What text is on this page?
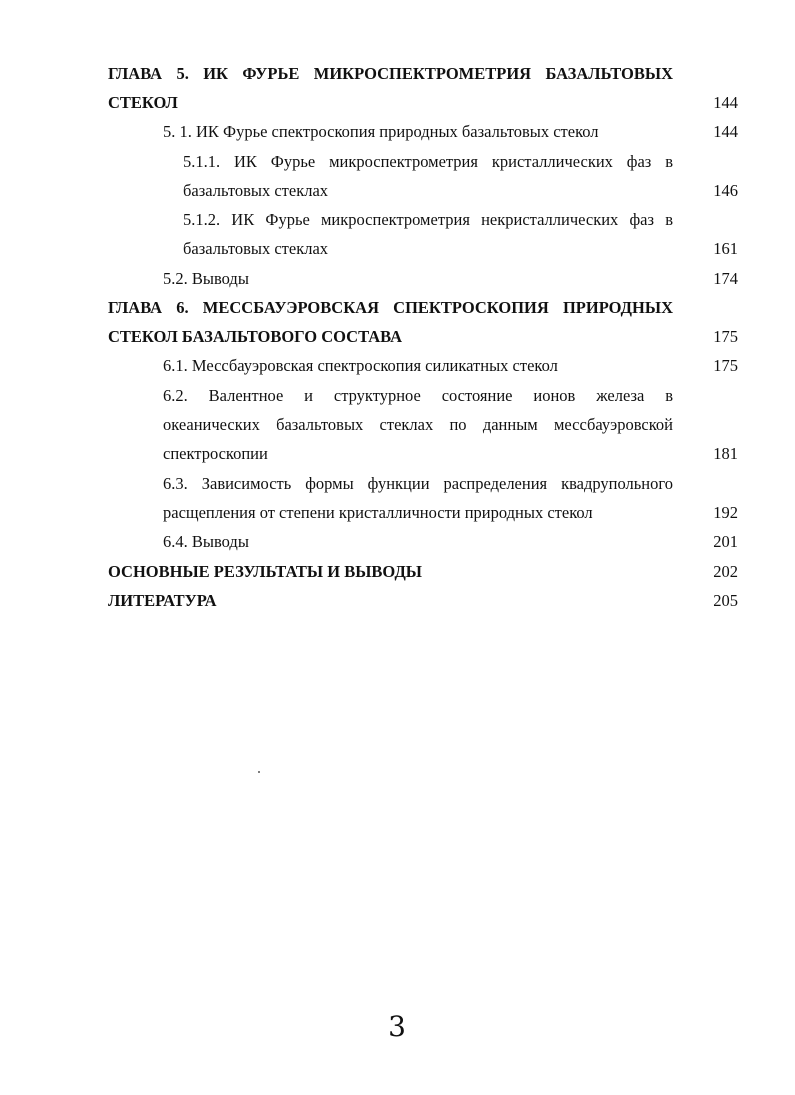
ГЛАВА 5. ИК ФУРЬЕ МИКРОСПЕКТРОМЕТРИЯ БАЗАЛЬТОВЫХ
СТЕКОЛ	144
5. 1. ИК Фурье спектроскопия природных базальтовых стекол	144
5.1.1. ИК Фурье микроспектрометрия кристаллических фаз в
базальтовых стеклах	146
5.1.2. ИК Фурье микроспектрометрия некристаллических фаз в
базальтовых стеклах	161
5.2. Выводы	174
ГЛАВА 6. МЕССБАУЭРОВСКАЯ СПЕКТРОСКОПИЯ ПРИРОДНЫХ
СТЕКОЛ БАЗАЛЬТОВОГО СОСТАВА	175
6.1. Мессбауэровская спектроскопия силикатных стекол	175
6.2. Валентное и структурное состояние ионов железа в
океанических базальтовых стеклах по данным мессбауэровской
спектроскопии	181
6.3. Зависимость формы функции распределения квадрупольного
расщепления от степени кристалличности природных стекол	192
6.4. Выводы	201
ОСНОВНЫЕ РЕЗУЛЬТАТЫ И ВЫВОДЫ	202
ЛИТЕРАТУРА	205
3
